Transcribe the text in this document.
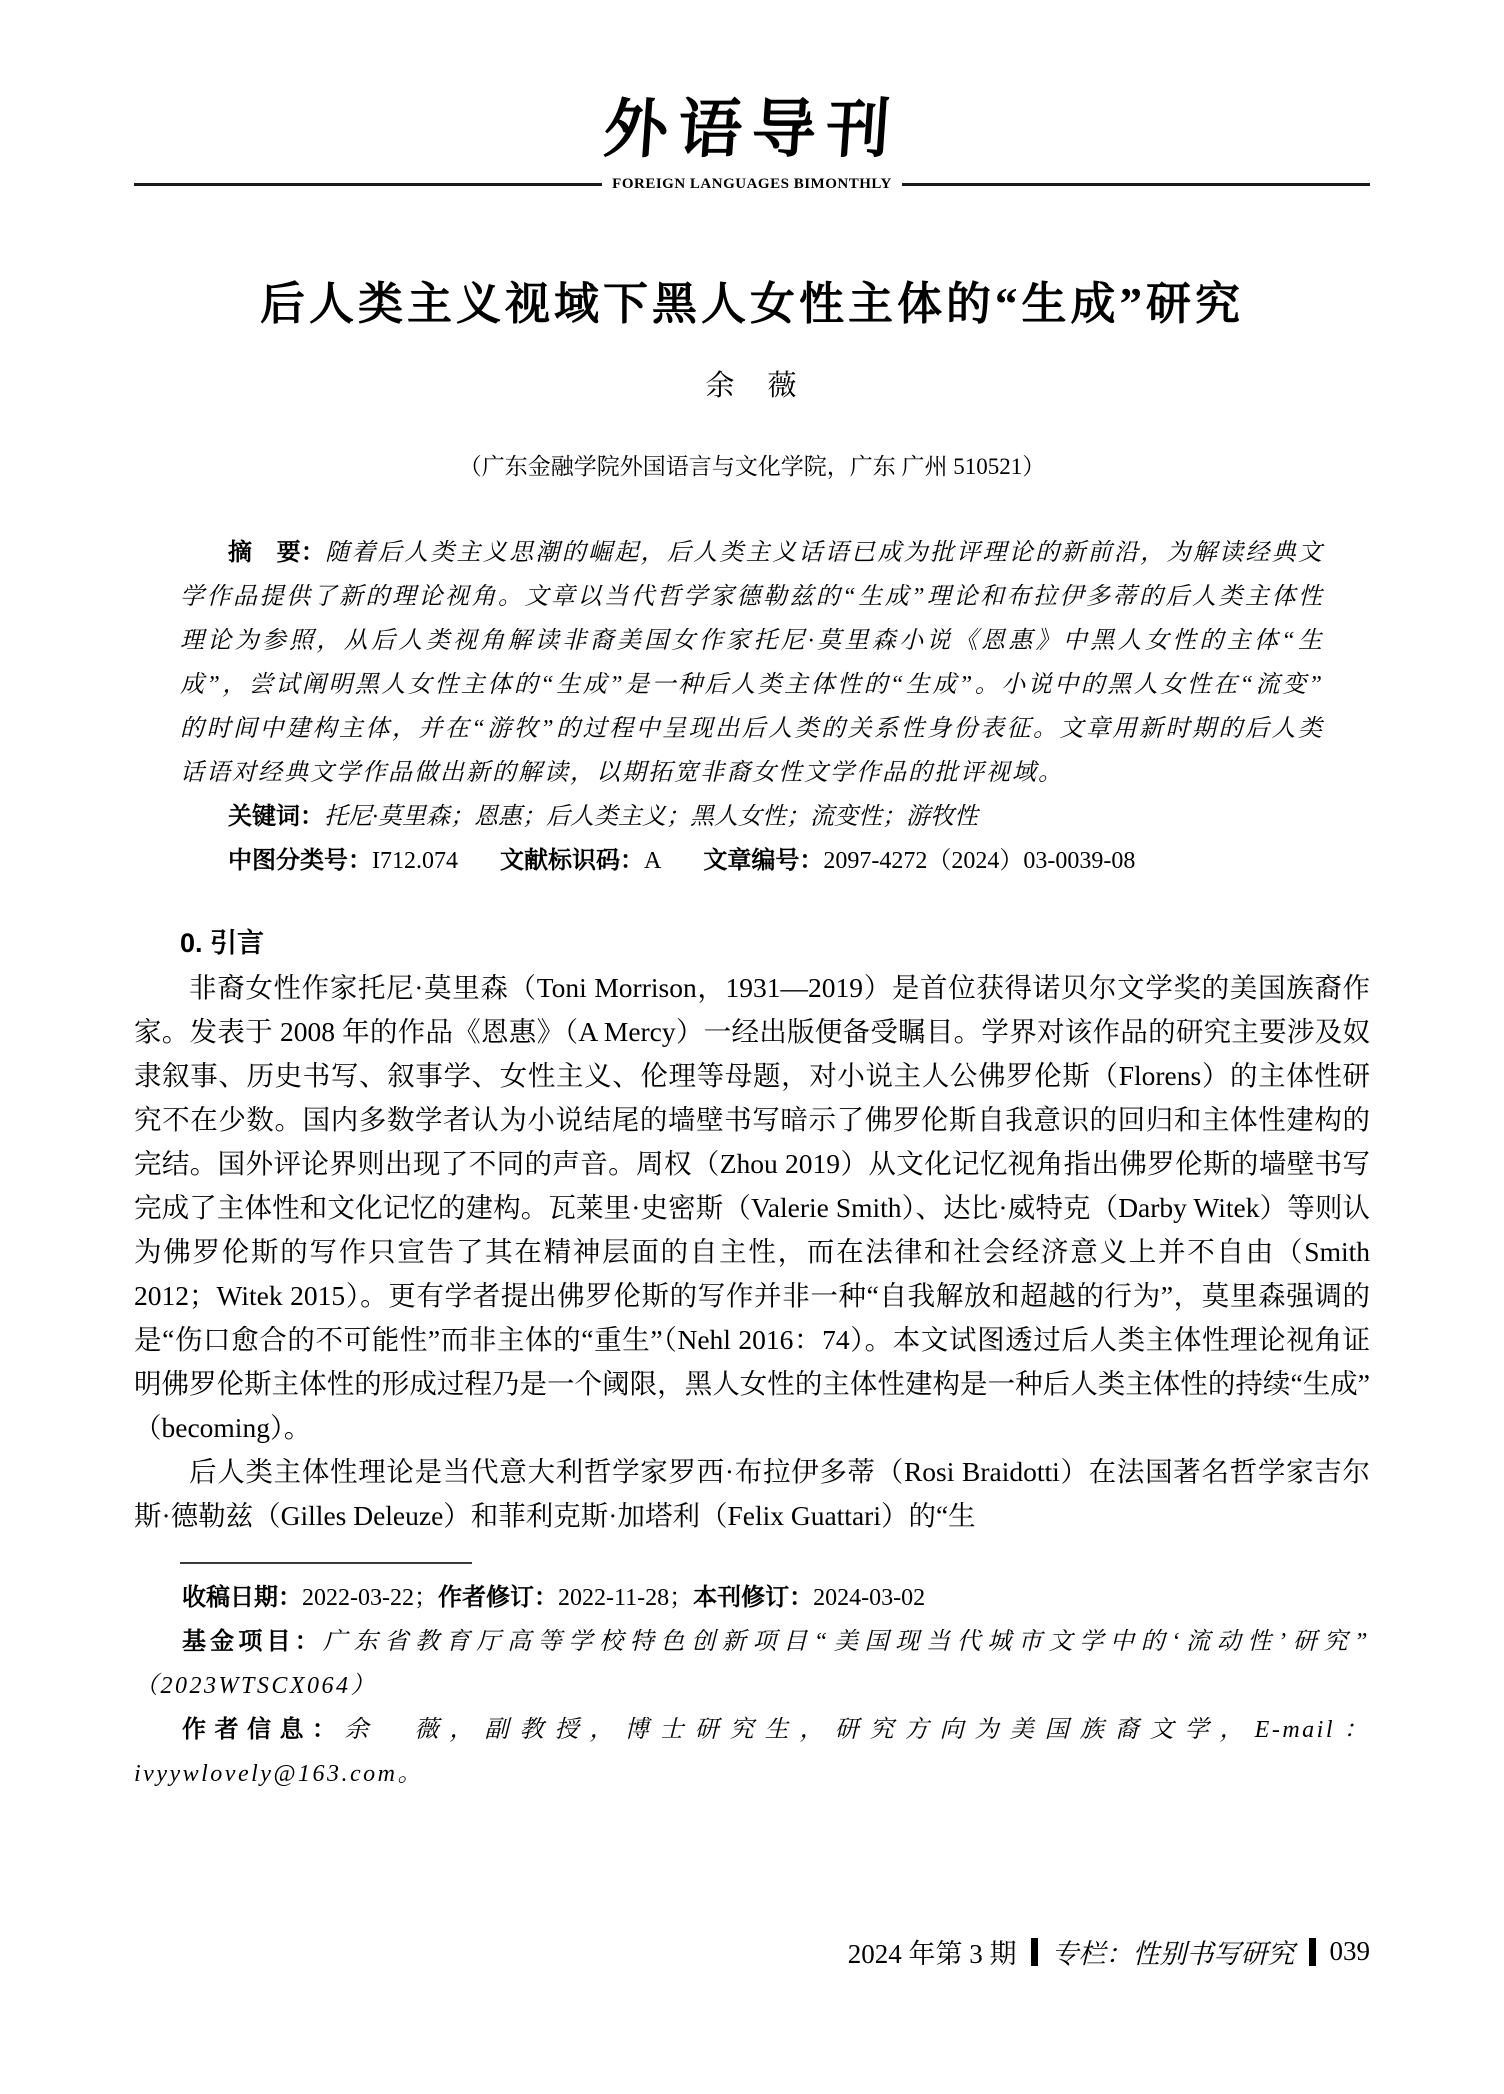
外语导刊
FOREIGN LANGUAGES BIMONTHLY
后人类主义视域下黑人女性主体的“生成”研究
余　薇
（广东金融学院外国语言与文化学院，广东 广州 510521）

摘　要：随着后人类主义思潮的崛起，后人类主义话语已成为批评理论的新前沿，为解读经典文学作品提供了新的理论视角。文章以当代哲学家德勒兹的“生成”理论和布拉伊多蒂的后人类主体性理论为参照，从后人类视角解读非裔美国女作家托尼·莫里森小说《恩惠》中黑人女性的主体“生成”，尝试阐明黑人女性主体的“生成”是一种后人类主体性的“生成”。小说中的黑人女性在“流变”的时间中建构主体，并在“游牧”的过程中呈现出后人类的关系性身份表征。文章用新时期的后人类话语对经典文学作品做出新的解读，以期拓宽非裔女性文学作品的批评视域。

关键词：托尼·莫里森；恩惠；后人类主义；黑人女性；流变性；游牧性

中图分类号：I712.074 文献标识码：A 文章编号：2097-4272（2024）03-0039-08

0. 引言

非裔女性作家托尼·莫里森（Toni Morrison，1931—2019）是首位获得诺贝尔文学奖的美国族裔作家。发表于 2008 年的作品《恩惠》（A Mercy）一经出版便备受瞩目。学界对该作品的研究主要涉及奴隶叙事、历史书写、叙事学、女性主义、伦理等母题，对小说主人公佛罗伦斯（Florens）的主体性研究不在少数。国内多数学者认为小说结尾的墙壁书写暗示了佛罗伦斯自我意识的回归和主体性建构的完结。国外评论界则出现了不同的声音。周权（Zhou 2019）从文化记忆视角指出佛罗伦斯的墙壁书写完成了主体性和文化记忆的建构。瓦莱里·史密斯（Valerie Smith）、达比·威特克（Darby Witek）等则认为佛罗伦斯的写作只宣告了其在精神层面的自主性，而在法律和社会经济意义上并不自由（Smith 2012；Witek 2015）。更有学者提出佛罗伦斯的写作并非一种“自我解放和超越的行为”，莫里森强调的是“伤口愈合的不可能性”而非主体的“重生”（Nehl 2016：74）。本文试图透过后人类主体性理论视角证明佛罗伦斯主体性的形成过程乃是一个阈限，黑人女性的主体性建构是一种后人类主体性的持续“生成”（becoming）。

后人类主体性理论是当代意大利哲学家罗西·布拉伊多蒂（Rosi Braidotti）在法国著名哲学家吉尔斯·德勒兹（Gilles Deleuze）和菲利克斯·加塔利（Felix Guattari）的“生

收稿日期：2022-03-22；作者修订：2022-11-28；本刊修订：2024-03-02

基金项目：广东省教育厅高等学校特色创新项目“美国现当代城市文学中的‘流动性’研究”（2023WTSCX064）

作者信息：余　薇，副教授，博士研究生，研究方向为美国族裔文学，E-mail：ivyywlovely@163.com。

2024 年第 3 期 专栏：性别书写研究 039
